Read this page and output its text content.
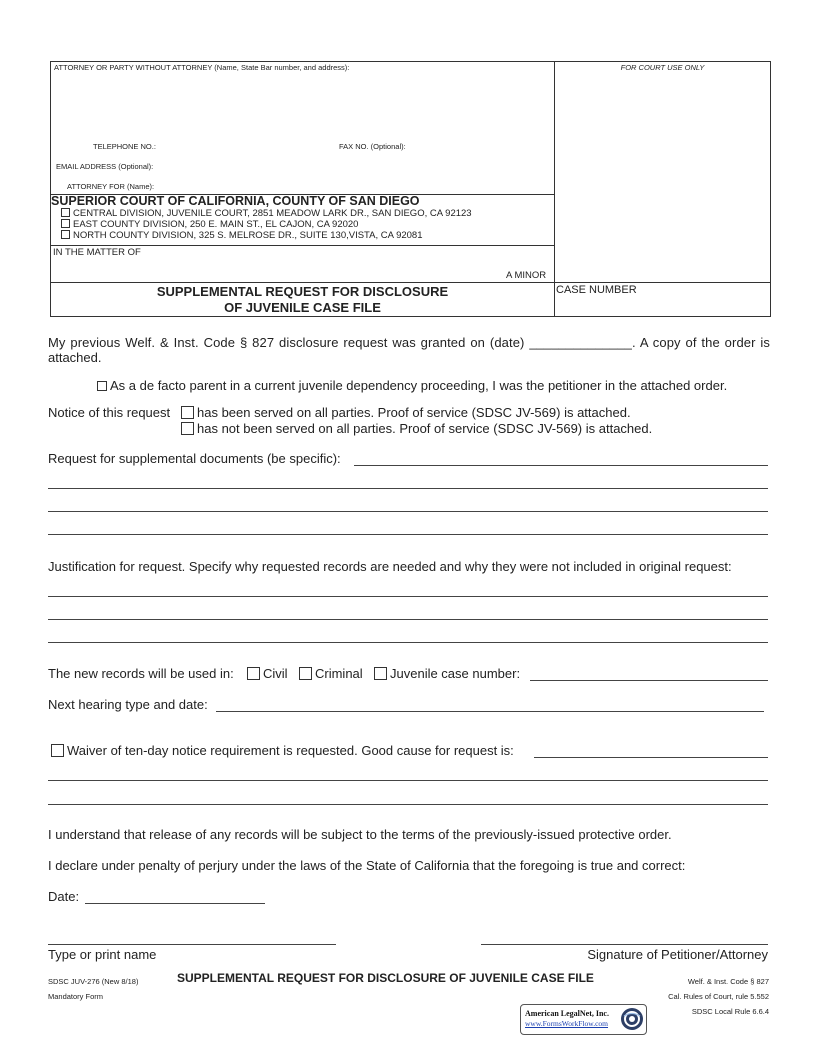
ATTORNEY OR PARTY WITHOUT ATTORNEY (Name, State Bar number, and address):	FOR COURT USE ONLY
TELEPHONE NO.:	FAX NO. (Optional):
EMAIL ADDRESS (Optional):
ATTORNEY FOR (Name):
SUPERIOR COURT OF CALIFORNIA, COUNTY OF SAN DIEGO
CENTRAL DIVISION, JUVENILE COURT, 2851 MEADOW LARK DR., SAN DIEGO, CA 92123
EAST COUNTY DIVISION, 250 E. MAIN ST., EL CAJON, CA 92020
NORTH COUNTY DIVISION, 325 S. MELROSE DR., SUITE 130,VISTA, CA 92081
IN THE MATTER OF
A MINOR
SUPPLEMENTAL REQUEST FOR DISCLOSURE
OF JUVENILE CASE FILE
CASE NUMBER
My previous Welf. & Inst. Code § 827 disclosure request was granted on (date) ______________. A copy of the order is
attached.
As a de facto parent in a current juvenile dependency proceeding, I was the petitioner in the attached order.
Notice of this request	has been served on all parties. Proof of service (SDSC JV-569) is attached.
has not been served on all parties. Proof of service (SDSC JV-569) is attached.
Request for supplemental documents (be specific):
Justification for request. Specify why requested records are needed and why they were not included in original request:
The new records will be used in:	Civil	Criminal	Juvenile case number:
Next hearing type and date:
Waiver of ten-day notice requirement is requested. Good cause for request is:
I understand that release of any records will be subject to the terms of the previously-issued protective order.
I declare under penalty of perjury under the laws of the State of California that the foregoing is true and correct:
Date:
Type or print name	Signature of Petitioner/Attorney
SDSC JUV-276 (New 8/18)
Mandatory Form
SUPPLEMENTAL REQUEST FOR DISCLOSURE OF JUVENILE CASE FILE	Welf. & Inst. Code § 827
Cal. Rules of Court, rule 5.552
SDSC Local Rule 6.6.4
American LegalNet, Inc.
www.FormsWorkFlow.com
